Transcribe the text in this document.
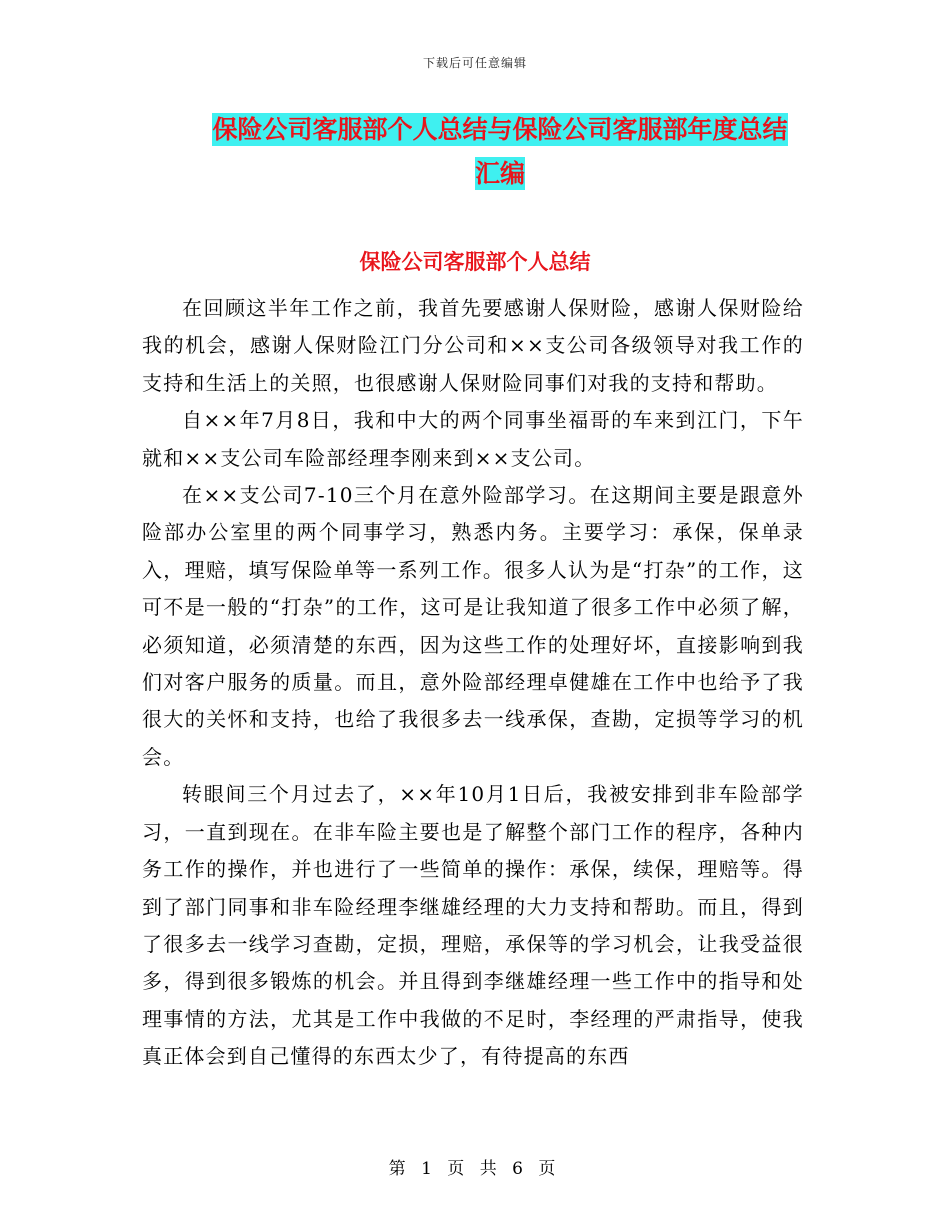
下载后可任意编辑
保险公司客服部个人总结与保险公司客服部年度总结
汇编
保险公司客服部个人总结

在回顾这半年工作之前，我首先要感谢人保财险，感谢人保财险给我的机会，感谢人保财险江门分公司和××支公司各级领导对我工作的支持和生活上的关照，也很感谢人保财险同事们对我的支持和帮助。

自××年7月8日，我和中大的两个同事坐福哥的车来到江门，下午就和××支公司车险部经理李刚来到××支公司。

在××支公司7-10三个月在意外险部学习。在这期间主要是跟意外险部办公室里的两个同事学习，熟悉内务。主要学习：承保，保单录入，理赔，填写保险单等一系列工作。很多人认为是“打杂”的工作，这可不是一般的“打杂”的工作，这可是让我知道了很多工作中必须了解，必须知道，必须清楚的东西，因为这些工作的处理好坏，直接影响到我们对客户服务的质量。而且，意外险部经理卓健雄在工作中也给予了我很大的关怀和支持，也给了我很多去一线承保，查勘，定损等学习的机会。

转眼间三个月过去了，××年10月1日后，我被安排到非车险部学习，一直到现在。在非车险主要也是了解整个部门工作的程序，各种内务工作的操作，并也进行了一些简单的操作：承保，续保，理赔等。得到了部门同事和非车险经理李继雄经理的大力支持和帮助。而且，得到了很多去一线学习查勘，定损，理赔，承保等的学习机会，让我受益很多，得到很多锻炼的机会。并且得到李继雄经理一些工作中的指导和处理事情的方法，尤其是工作中我做的不足时，李经理的严肃指导，使我真正体会到自己懂得的东西太少了，有待提高的东西

第 1 页 共 6 页
